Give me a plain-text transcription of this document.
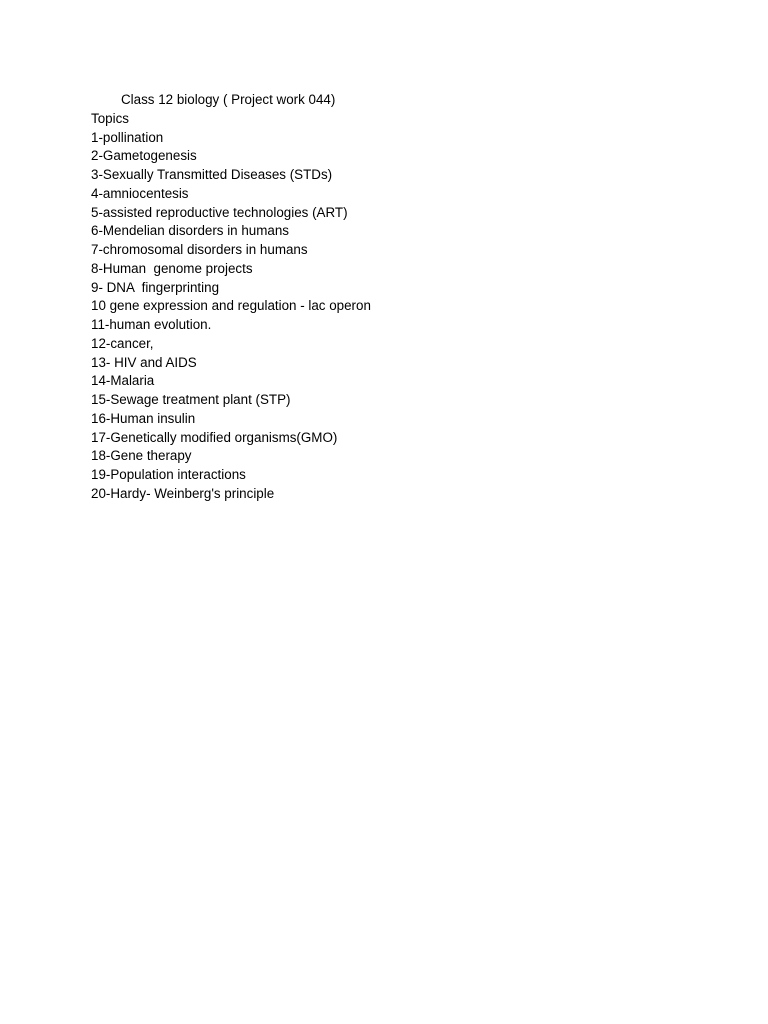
Class 12 biology ( Project work 044)
Topics
1-pollination
2-Gametogenesis
3-Sexually Transmitted Diseases (STDs)
4-amniocentesis
5-assisted reproductive technologies (ART)
6-Mendelian disorders in humans
7-chromosomal disorders in humans
8-Human  genome projects
9- DNA  fingerprinting
10 gene expression and regulation - lac operon
11-human evolution.
12-cancer,
13- HIV and AIDS
14-Malaria
15-Sewage treatment plant (STP)
16-Human insulin
17-Genetically modified organisms(GMO)
18-Gene therapy
19-Population interactions
20-Hardy- Weinberg's principle
